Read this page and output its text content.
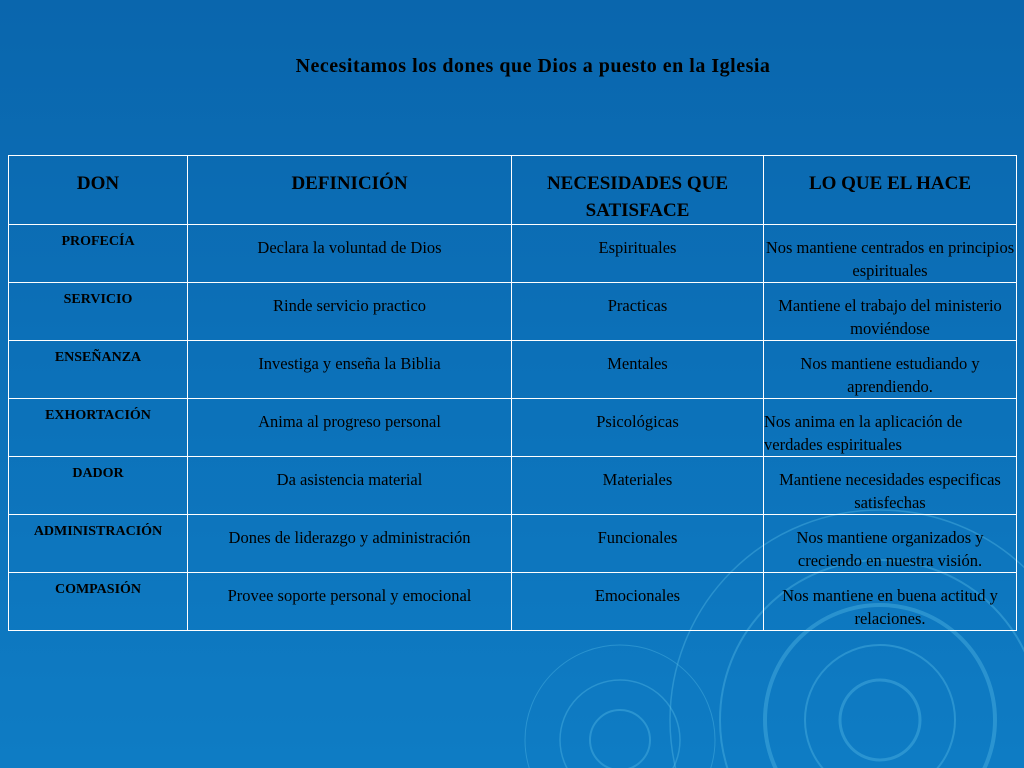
Necesitamos los dones que Dios a puesto en la Iglesia
DON	DEFINICIÓN	NECESIDADES QUE SATISFACE	LO QUE EL HACE
PROFECÍA	Declara la voluntad de Dios	Espirituales	Nos mantiene centrados en principios espirituales
SERVICIO	Rinde servicio practico	Practicas	Mantiene el trabajo del ministerio moviéndose
ENSEÑANZA	Investiga y enseña la Biblia	Mentales	Nos mantiene estudiando y aprendiendo.
EXHORTACIÓN	Anima al progreso personal	Psicológicas	Nos anima en la aplicación de verdades espirituales
DADOR	Da asistencia material	Materiales	Mantiene necesidades especificas satisfechas
ADMINISTRACIÓN	Dones de liderazgo y administración	Funcionales	Nos mantiene organizados y creciendo en nuestra visión.
COMPASIÓN	Provee soporte personal y emocional	Emocionales	Nos mantiene en buena actitud y relaciones.
